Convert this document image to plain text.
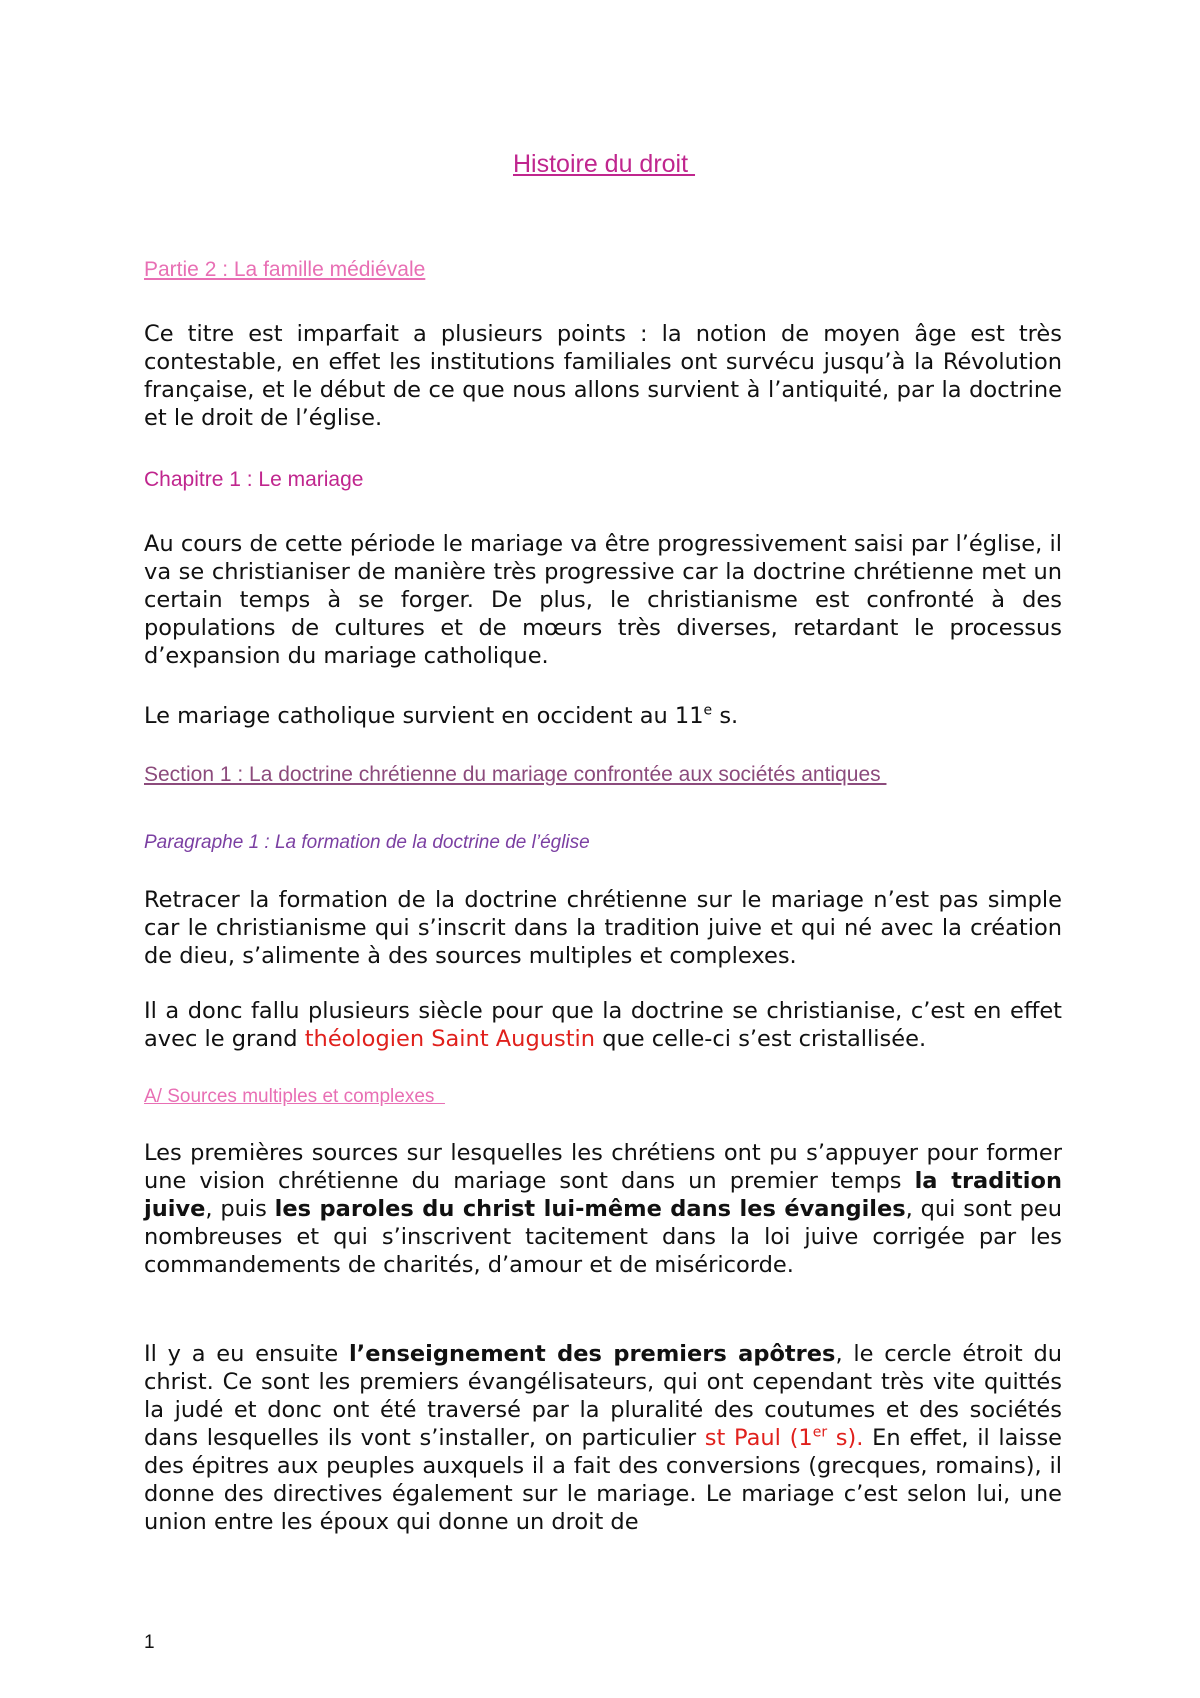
Histoire du droit
Partie 2 : La famille médiévale
Ce titre est imparfait a plusieurs points : la notion de moyen âge est très contestable, en effet les institutions familiales ont survécu jusqu’à la Révolution française, et le début de ce que nous allons survient à l’antiquité, par la doctrine et le droit de l’église.
Chapitre 1 : Le mariage
Au cours de cette période le mariage va être progressivement saisi par l’église, il va se christianiser de manière très progressive car la doctrine chrétienne met un certain temps à se forger. De plus, le christianisme est confronté à des populations de cultures et de mœurs très diverses, retardant le processus d’expansion du mariage catholique.
Le mariage catholique survient en occident au 11e s.
Section 1 : La doctrine chrétienne du mariage confrontée aux sociétés antiques
Paragraphe 1 : La formation de la doctrine de l’église
Retracer la formation de la doctrine chrétienne sur le mariage n’est pas simple car le christianisme qui s’inscrit dans la tradition juive et qui né avec la création de dieu, s’alimente à des sources multiples et complexes.
Il a donc fallu plusieurs siècle pour que la doctrine se christianise, c’est en effet avec le grand théologien Saint Augustin que celle-ci s’est cristallisée.
A/ Sources multiples et complexes
Les premières sources sur lesquelles les chrétiens ont pu s’appuyer pour former une vision chrétienne du mariage sont dans un premier temps la tradition juive, puis les paroles du christ lui-même dans les évangiles, qui sont peu nombreuses et qui s’inscrivent tacitement dans la loi juive corrigée par les commandements de charités, d’amour et de miséricorde.
Il y a eu ensuite l’enseignement des premiers apôtres, le cercle étroit du christ. Ce sont les premiers évangélisateurs, qui ont cependant très vite quittés la judé et donc ont été traversé par la pluralité des coutumes et des sociétés dans lesquelles ils vont s’installer, on particulier st Paul (1er s). En effet, il laisse des épitres aux peuples auxquels il a fait des conversions (grecques, romains), il donne des directives également sur le mariage. Le mariage c’est selon lui, une union entre les époux qui donne un droit de
1
